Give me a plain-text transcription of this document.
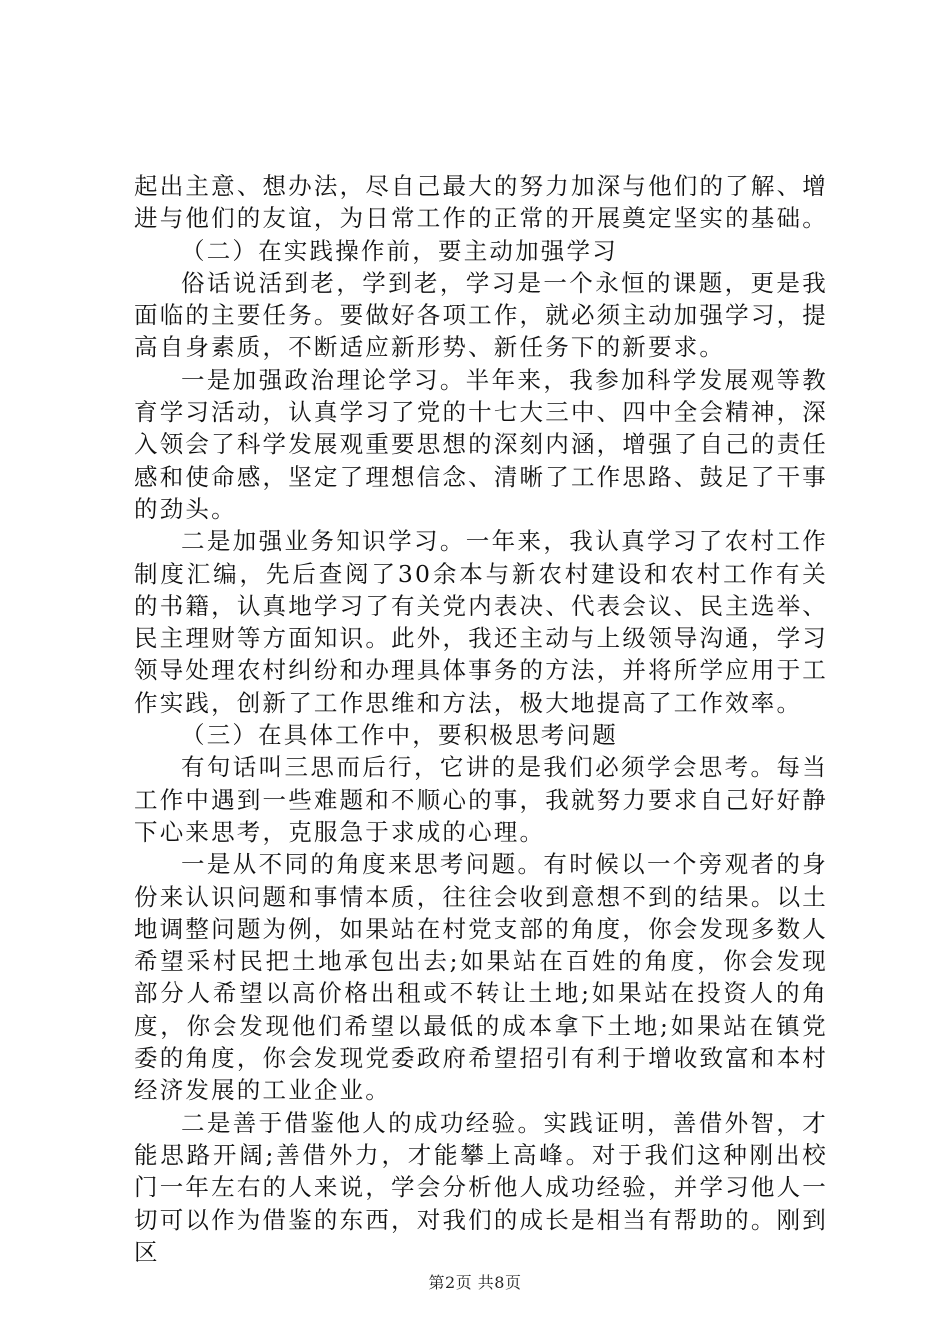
起出主意、想办法，尽自己最大的努力加深与他们的了解、增进与他们的友谊，为日常工作的正常的开展奠定坚实的基础。

（二）在实践操作前，要主动加强学习

俗话说活到老，学到老，学习是一个永恒的课题，更是我面临的主要任务。要做好各项工作，就必须主动加强学习，提高自身素质，不断适应新形势、新任务下的新要求。

一是加强政治理论学习。半年来，我参加科学发展观等教育学习活动，认真学习了党的十七大三中、四中全会精神，深入领会了科学发展观重要思想的深刻内涵，增强了自己的责任感和使命感，坚定了理想信念、清晰了工作思路、鼓足了干事的劲头。

二是加强业务知识学习。一年来，我认真学习了农村工作制度汇编，先后查阅了30余本与新农村建设和农村工作有关的书籍，认真地学习了有关党内表决、代表会议、民主选举、民主理财等方面知识。此外，我还主动与上级领导沟通，学习领导处理农村纠纷和办理具体事务的方法，并将所学应用于工作实践，创新了工作思维和方法，极大地提高了工作效率。

（三）在具体工作中，要积极思考问题

有句话叫三思而后行，它讲的是我们必须学会思考。每当工作中遇到一些难题和不顺心的事，我就努力要求自己好好静下心来思考，克服急于求成的心理。

一是从不同的角度来思考问题。有时候以一个旁观者的身份来认识问题和事情本质，往往会收到意想不到的结果。以土地调整问题为例，如果站在村党支部的角度，你会发现多数人希望采村民把土地承包出去;如果站在百姓的角度，你会发现部分人希望以高价格出租或不转让土地;如果站在投资人的角度，你会发现他们希望以最低的成本拿下土地;如果站在镇党委的角度，你会发现党委政府希望招引有利于增收致富和本村经济发展的工业企业。

二是善于借鉴他人的成功经验。实践证明，善借外智，才能思路开阔;善借外力，才能攀上高峰。对于我们这种刚出校门一年左右的人来说，学会分析他人成功经验，并学习他人一切可以作为借鉴的东西，对我们的成长是相当有帮助的。刚到区

第2页 共8页
